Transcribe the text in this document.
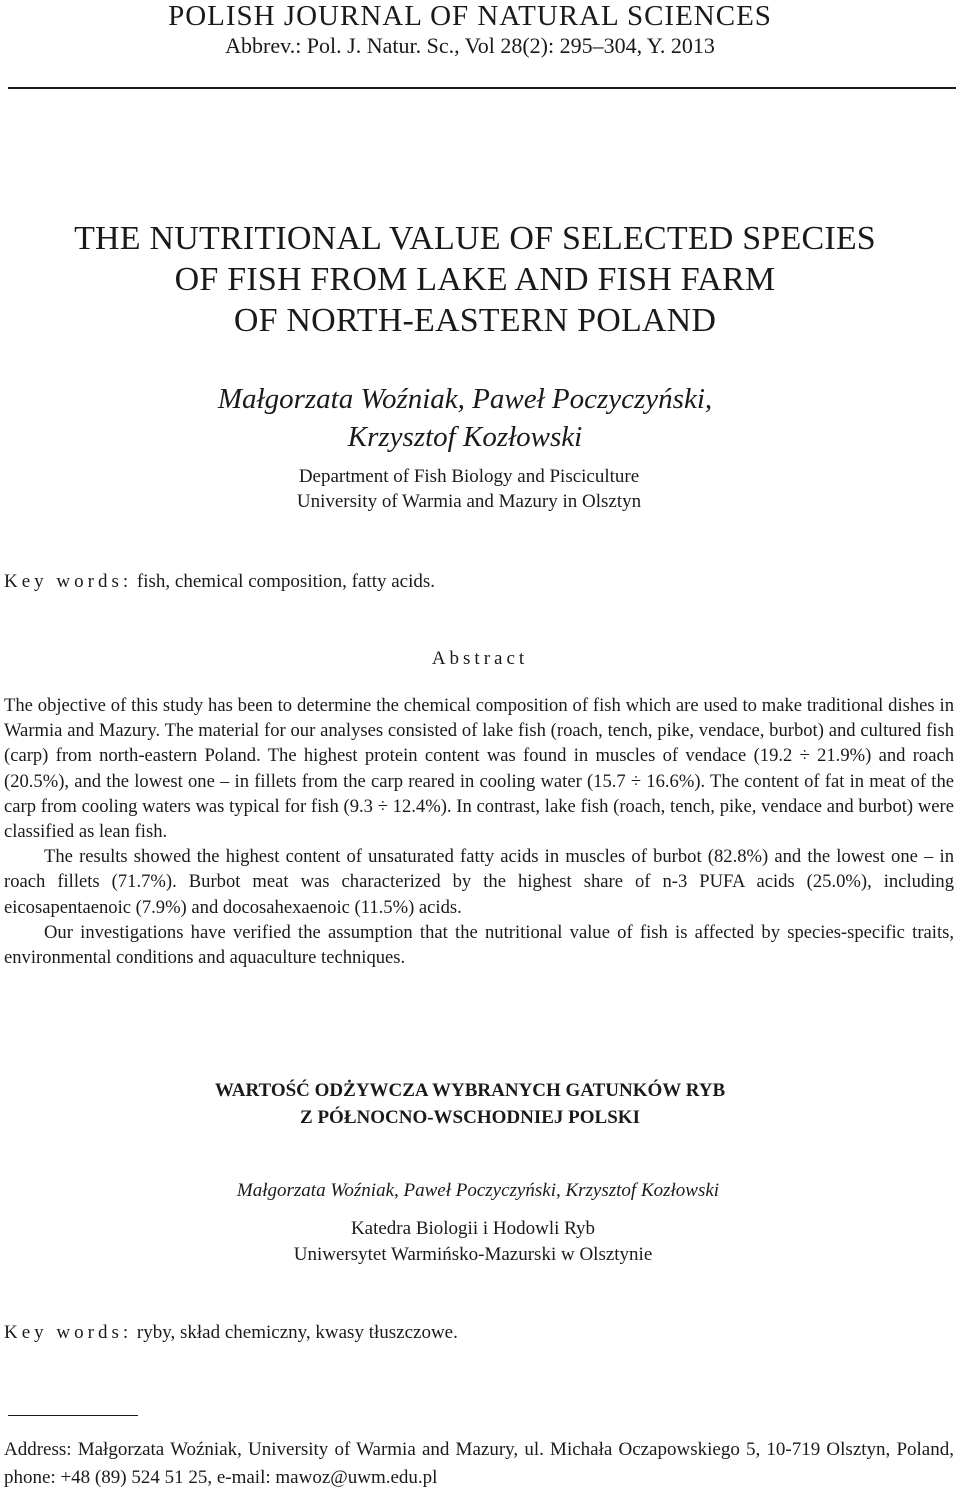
POLISH JOURNAL OF NATURAL SCIENCES
Abbrev.: Pol. J. Natur. Sc., Vol 28(2): 295–304, Y. 2013
THE NUTRITIONAL VALUE OF SELECTED SPECIES
OF FISH FROM LAKE AND FISH FARM
OF NORTH-EASTERN POLAND
Małgorzata Woźniak, Paweł Poczyczyński,
Krzysztof Kozłowski
Department of Fish Biology and Pisciculture
University of Warmia and Mazury in Olsztyn
Key words: fish, chemical composition, fatty acids.
Abstract

The objective of this study has been to determine the chemical composition of fish which are used to make traditional dishes in Warmia and Mazury. The material for our analyses consisted of lake fish (roach, tench, pike, vendace, burbot) and cultured fish (carp) from north-eastern Poland. The highest protein content was found in muscles of vendace (19.2 ÷ 21.9%) and roach (20.5%), and the lowest one – in fillets from the carp reared in cooling water (15.7 ÷ 16.6%). The content of fat in meat of the carp from cooling waters was typical for fish (9.3 ÷ 12.4%). In contrast, lake fish (roach, tench, pike, vendace and burbot) were classified as lean fish.

The results showed the highest content of unsaturated fatty acids in muscles of burbot (82.8%) and the lowest one – in roach fillets (71.7%). Burbot meat was characterized by the highest share of n-3 PUFA acids (25.0%), including eicosapentaenoic (7.9%) and docosahexaenoic (11.5%) acids.

Our investigations have verified the assumption that the nutritional value of fish is affected by species-specific traits, environmental conditions and aquaculture techniques.

WARTOŚĆ ODŻYWCZA WYBRANYCH GATUNKÓW RYB
Z PÓŁNOCNO-WSCHODNIEJ POLSKI
Małgorzata Woźniak, Paweł Poczyczyński, Krzysztof Kozłowski
Katedra Biologii i Hodowli Ryb
Uniwersytet Warmińsko-Mazurski w Olsztynie
Key words: ryby, skład chemiczny, kwasy tłuszczowe.

Address: Małgorzata Woźniak, University of Warmia and Mazury, ul. Michała Oczapowskiego 5, 10-719 Olsztyn, Poland, phone: +48 (89) 524 51 25, e-mail: mawoz@uwm.edu.pl
